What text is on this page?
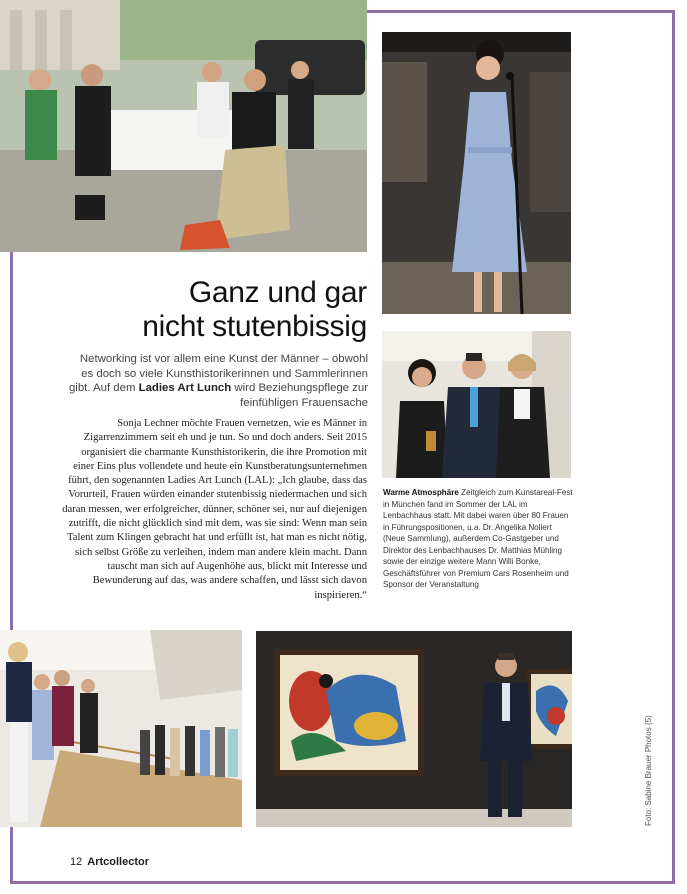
Ganz und gar
nicht stutenbissig

Networking ist vor allem eine Kunst der Männer – obwohl es doch so viele Kunsthistorikerinnen und Sammlerinnen gibt. Auf dem Ladies Art Lunch wird Beziehungspflege zur feinfühligen Frauensache

Sonja Lechner möchte Frauen vernetzen, wie es Männer in Zigarrenzimmern seit eh und je tun. So und doch anders. Seit 2015 organisiert die charmante Kunsthistorikerin, die ihre Promotion mit einer Eins plus vollendete und heute ein Kunstberatungsunternehmen führt, den sogenannten Ladies Art Lunch (LAL): „Ich glaube, dass das Vorurteil, Frauen würden einander stutenbissig niedermachen und sich daran messen, wer erfolgreicher, dünner, schöner sei, nur auf diejenigen zutrifft, die nicht glücklich sind mit dem, was sie sind: Wenn man sein Talent zum Klingen gebracht hat und erfüllt ist, hat man es nicht nötig, sich selbst Größe zu verleihen, indem man andere klein macht. Dann tauscht man sich auf Augenhöhe aus, blickt mit Interesse und Bewunderung auf das, was andere schaffen, und lässt sich davon inspirieren.“

Warme Atmosphäre Zeitgleich zum Kunstareal-Fest in München fand im Sommer der LAL im Lenbachhaus statt. Mit dabei waren über 80 Frauen in Führungspositionen, u.a. Dr. Angelika Nollert (Neue Sammlung), außerdem Co-Gastgeber und Direktor des Lenbachhauses Dr. Matthias Mühling sowie der einzige weitere Mann Willi Bonke, Geschäftsführer von Premium Cars Rosenheim und Sponsor der Veranstaltung

Foto: Sabine Brauer Photos (5)

12 Artcollector
